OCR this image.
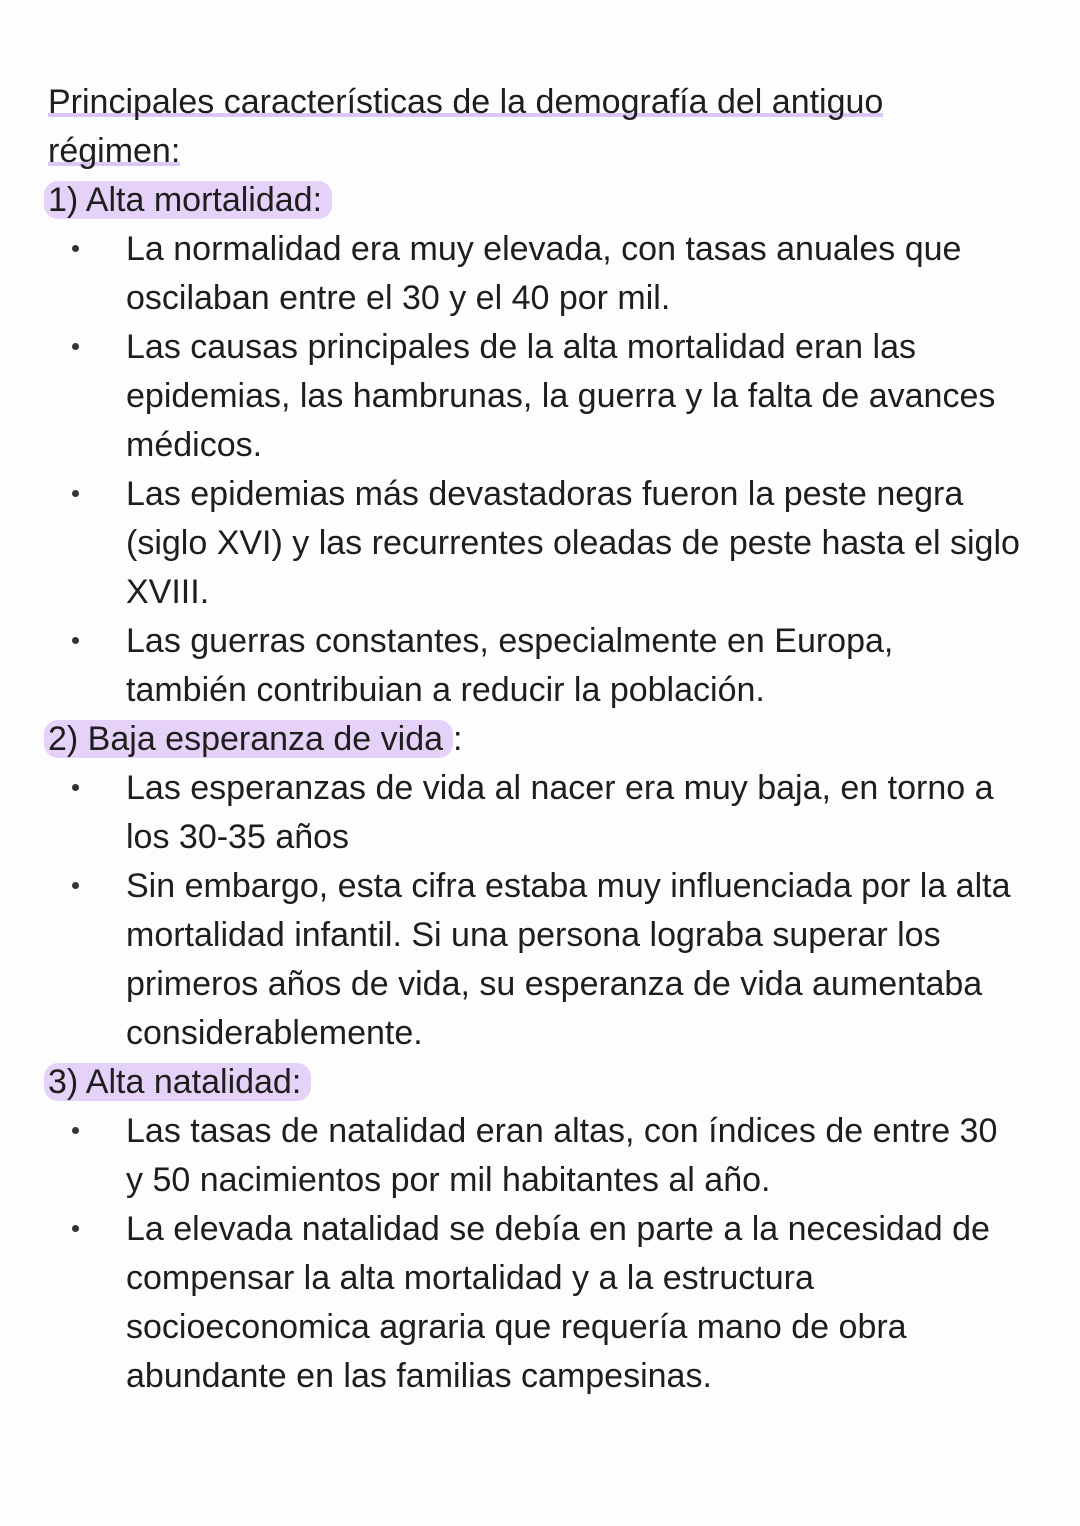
Principales características de la demografía del antiguo régimen:
1) Alta mortalidad:
La normalidad era muy elevada, con tasas anuales que oscilaban entre el 30 y el 40 por mil.
Las causas principales de la alta mortalidad eran las epidemias, las hambrunas, la guerra y la falta de avances médicos.
Las epidemias más devastadoras fueron la peste negra (siglo XVI) y las recurrentes oleadas de peste hasta el siglo XVIII.
Las guerras constantes, especialmente en Europa, también contribuian a reducir la población.
2) Baja esperanza de vida :
Las esperanzas de vida al nacer era muy baja, en torno a los 30-35 años
Sin embargo, esta cifra estaba muy influenciada por la alta mortalidad infantil. Si una persona lograba superar los primeros años de vida, su esperanza de vida aumentaba considerablemente.
3) Alta natalidad:
Las tasas de natalidad eran altas, con índices de entre 30 y 50 nacimientos por mil habitantes al año.
La elevada natalidad se debía en parte a la necesidad de compensar la alta mortalidad y a la estructura socioeconomica agraria que requería mano de obra abundante en las familias campesinas.
